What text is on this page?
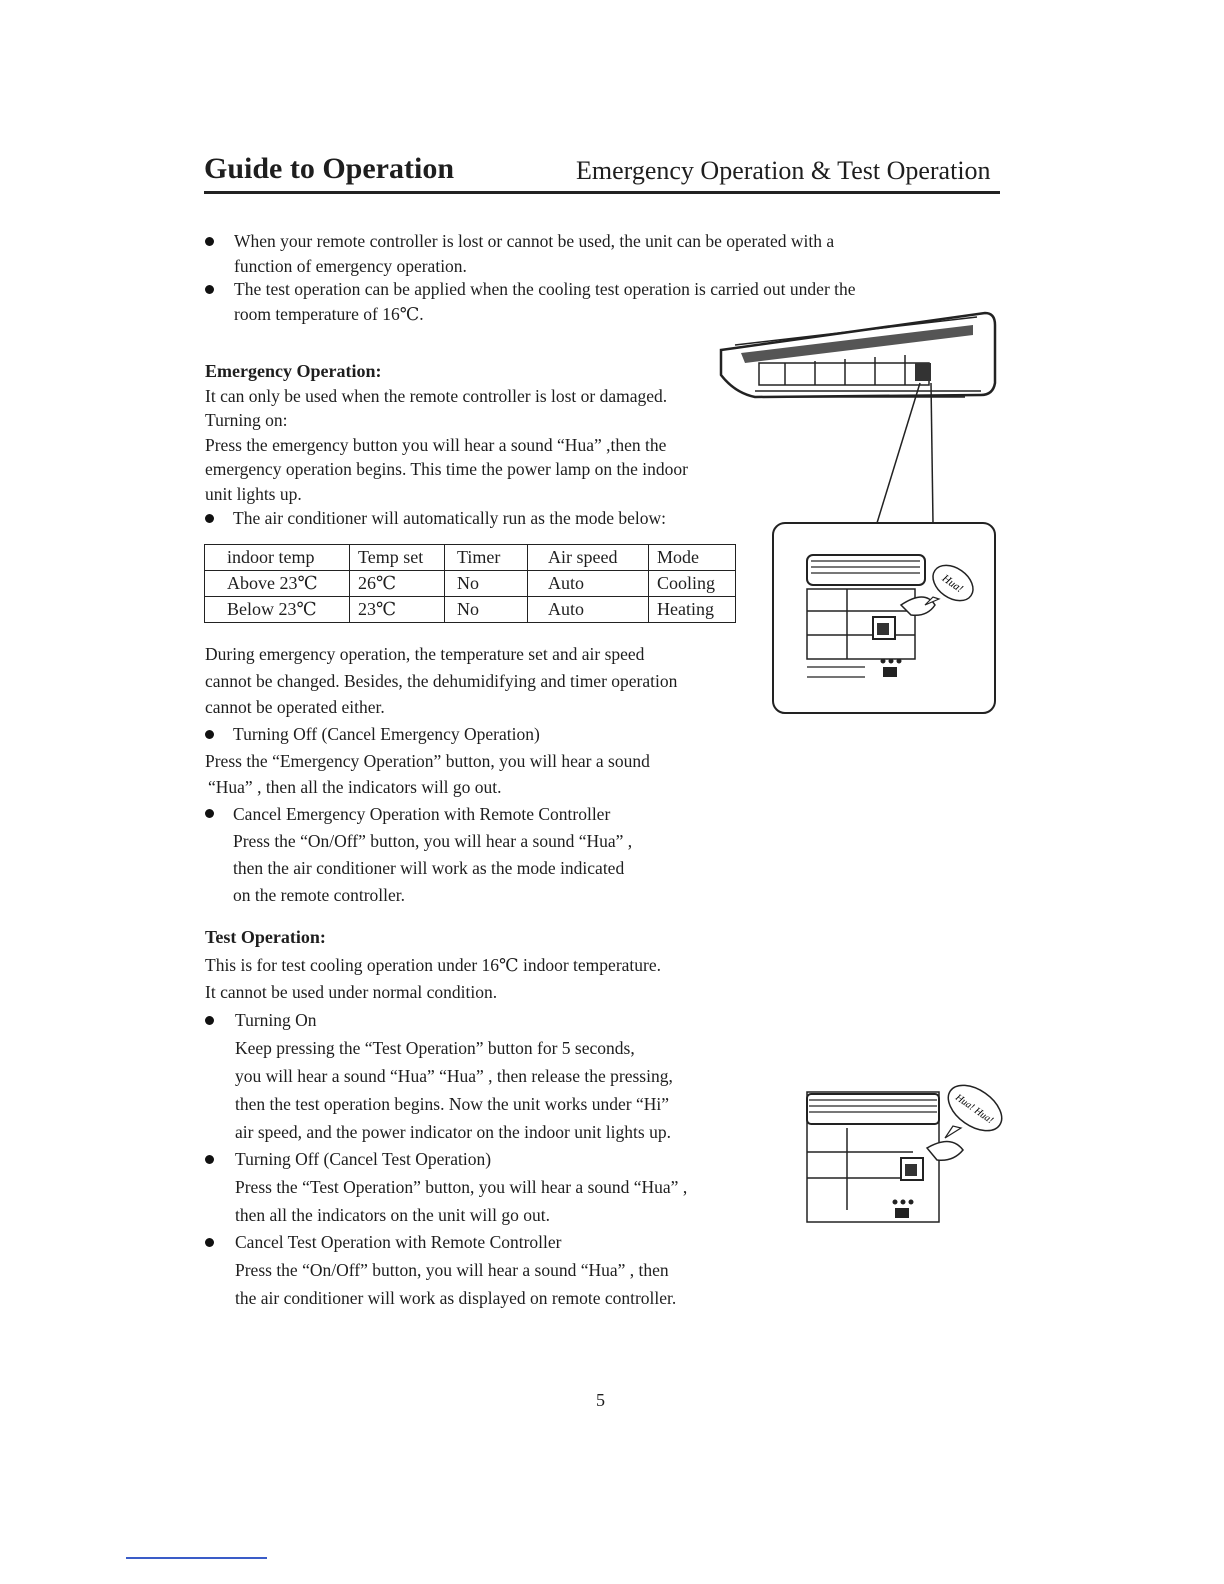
Guide to Operation	Emergency Operation & Test Operation
When your remote controller is lost or cannot be used, the unit can be operated with a
function of emergency operation.
The test operation can be applied when the cooling test operation is carried out under the
room temperature of 16℃.
Emergency Operation:
It can only be used when the remote controller is lost or damaged.
Turning on:
Press the emergency button you will hear a sound “Hua” ,then the
emergency operation begins. This time the power lamp on the indoor
unit lights up.
The air conditioner will automatically run as the mode below:
indoor temp	Temp set	Timer	Air speed	Mode
Above 23℃	26℃	No	Auto	Cooling
Below 23℃	23℃	No	Auto	Heating
During emergency operation, the temperature set and air speed
cannot be changed. Besides, the dehumidifying and timer operation
cannot be operated either.
Turning Off (Cancel Emergency Operation)
Press the “Emergency Operation” button, you will hear a sound
“Hua” , then all the indicators will go out.
Cancel Emergency Operation with Remote Controller
Press the “On/Off” button, you will hear a sound “Hua” ,
then the air conditioner will work as the mode indicated
on the remote controller.
Test Operation:
This is for test cooling operation under 16℃ indoor temperature.
It cannot be used under normal condition.
Turning On
Keep pressing the “Test Operation” button for 5 seconds,
you will hear a sound “Hua” “Hua” , then release the pressing,
then the test operation begins. Now the unit works under “Hi”
air speed, and the power indicator on the indoor unit lights up.
Turning Off (Cancel Test Operation)
Press the “Test Operation” button, you will hear a sound “Hua” ,
then all the indicators on the unit will go out.
Cancel Test Operation with Remote Controller
Press the “On/Off” button, you will hear a sound “Hua” , then
the air conditioner will work as displayed on remote controller.
Hua!
Hua! Hua!
5
